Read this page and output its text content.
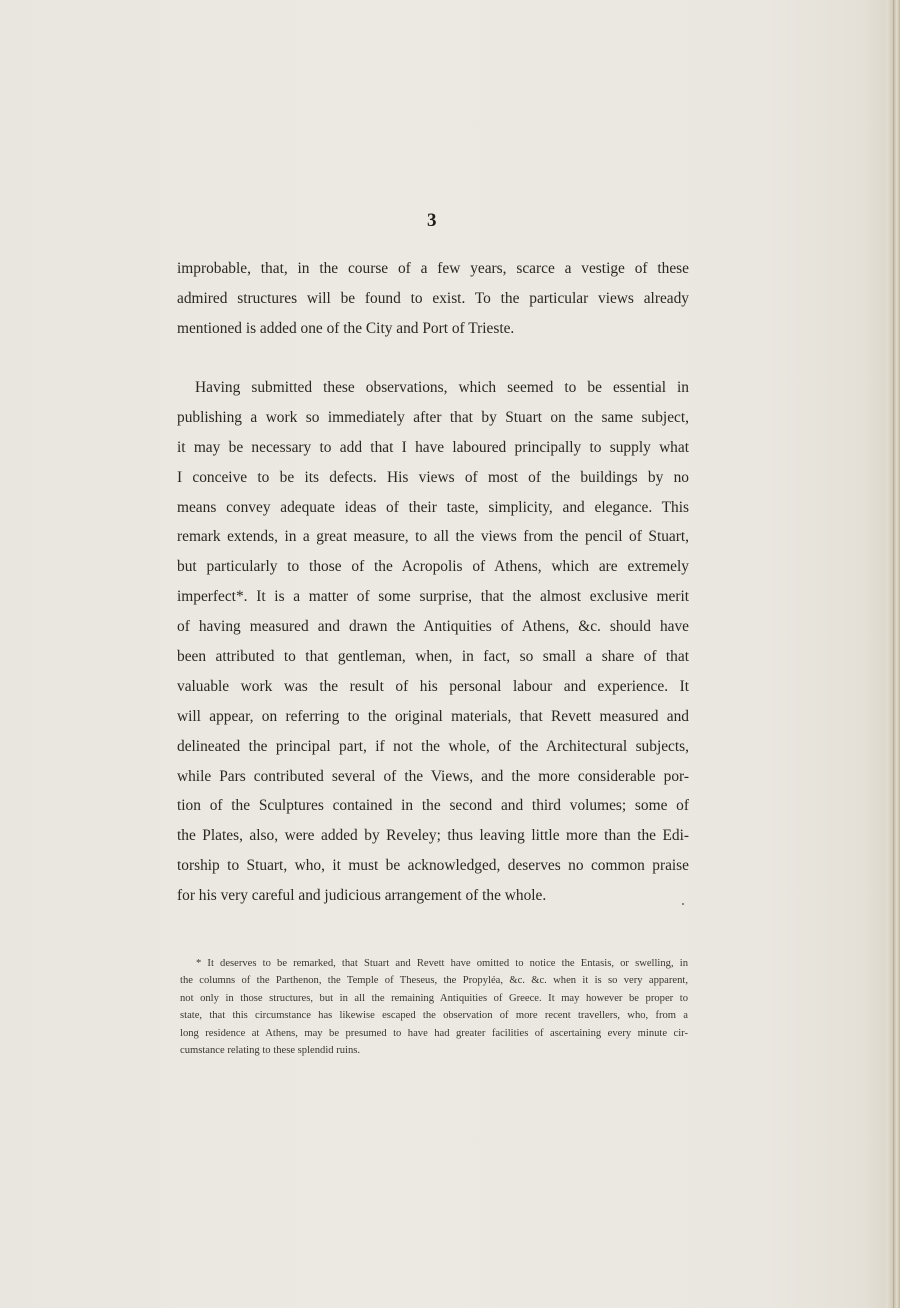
3
improbable, that, in the course of a few years, scarce a vestige of these
admired structures will be found to exist. To the particular views already
mentioned is added one of the City and Port of Trieste.
Having submitted these observations, which seemed to be essential in
publishing a work so immediately after that by Stuart on the same subject,
it may be necessary to add that I have laboured principally to supply what
I conceive to be its defects. His views of most of the buildings by no
means convey adequate ideas of their taste, simplicity, and elegance. This
remark extends, in a great measure, to all the views from the pencil of Stuart,
but particularly to those of the Acropolis of Athens, which are extremely
imperfect*. It is a matter of some surprise, that the almost exclusive merit
of having measured and drawn the Antiquities of Athens, &c. should have
been attributed to that gentleman, when, in fact, so small a share of that
valuable work was the result of his personal labour and experience. It
will appear, on referring to the original materials, that Revett measured and
delineated the principal part, if not the whole, of the Architectural subjects,
while Pars contributed several of the Views, and the more considerable por-
tion of the Sculptures contained in the second and third volumes; some of
the Plates, also, were added by Reveley; thus leaving little more than the Edi-
torship to Stuart, who, it must be acknowledged, deserves no common praise
for his very careful and judicious arrangement of the whole.
* It deserves to be remarked, that Stuart and Revett have omitted to notice the Entasis, or swelling, in
the columns of the Parthenon, the Temple of Theseus, the Propyléa, &c. &c. when it is so very apparent,
not only in those structures, but in all the remaining Antiquities of Greece. It may however be proper to
state, that this circumstance has likewise escaped the observation of more recent travellers, who, from a
long residence at Athens, may be presumed to have had greater facilities of ascertaining every minute cir-
cumstance relating to these splendid ruins.
